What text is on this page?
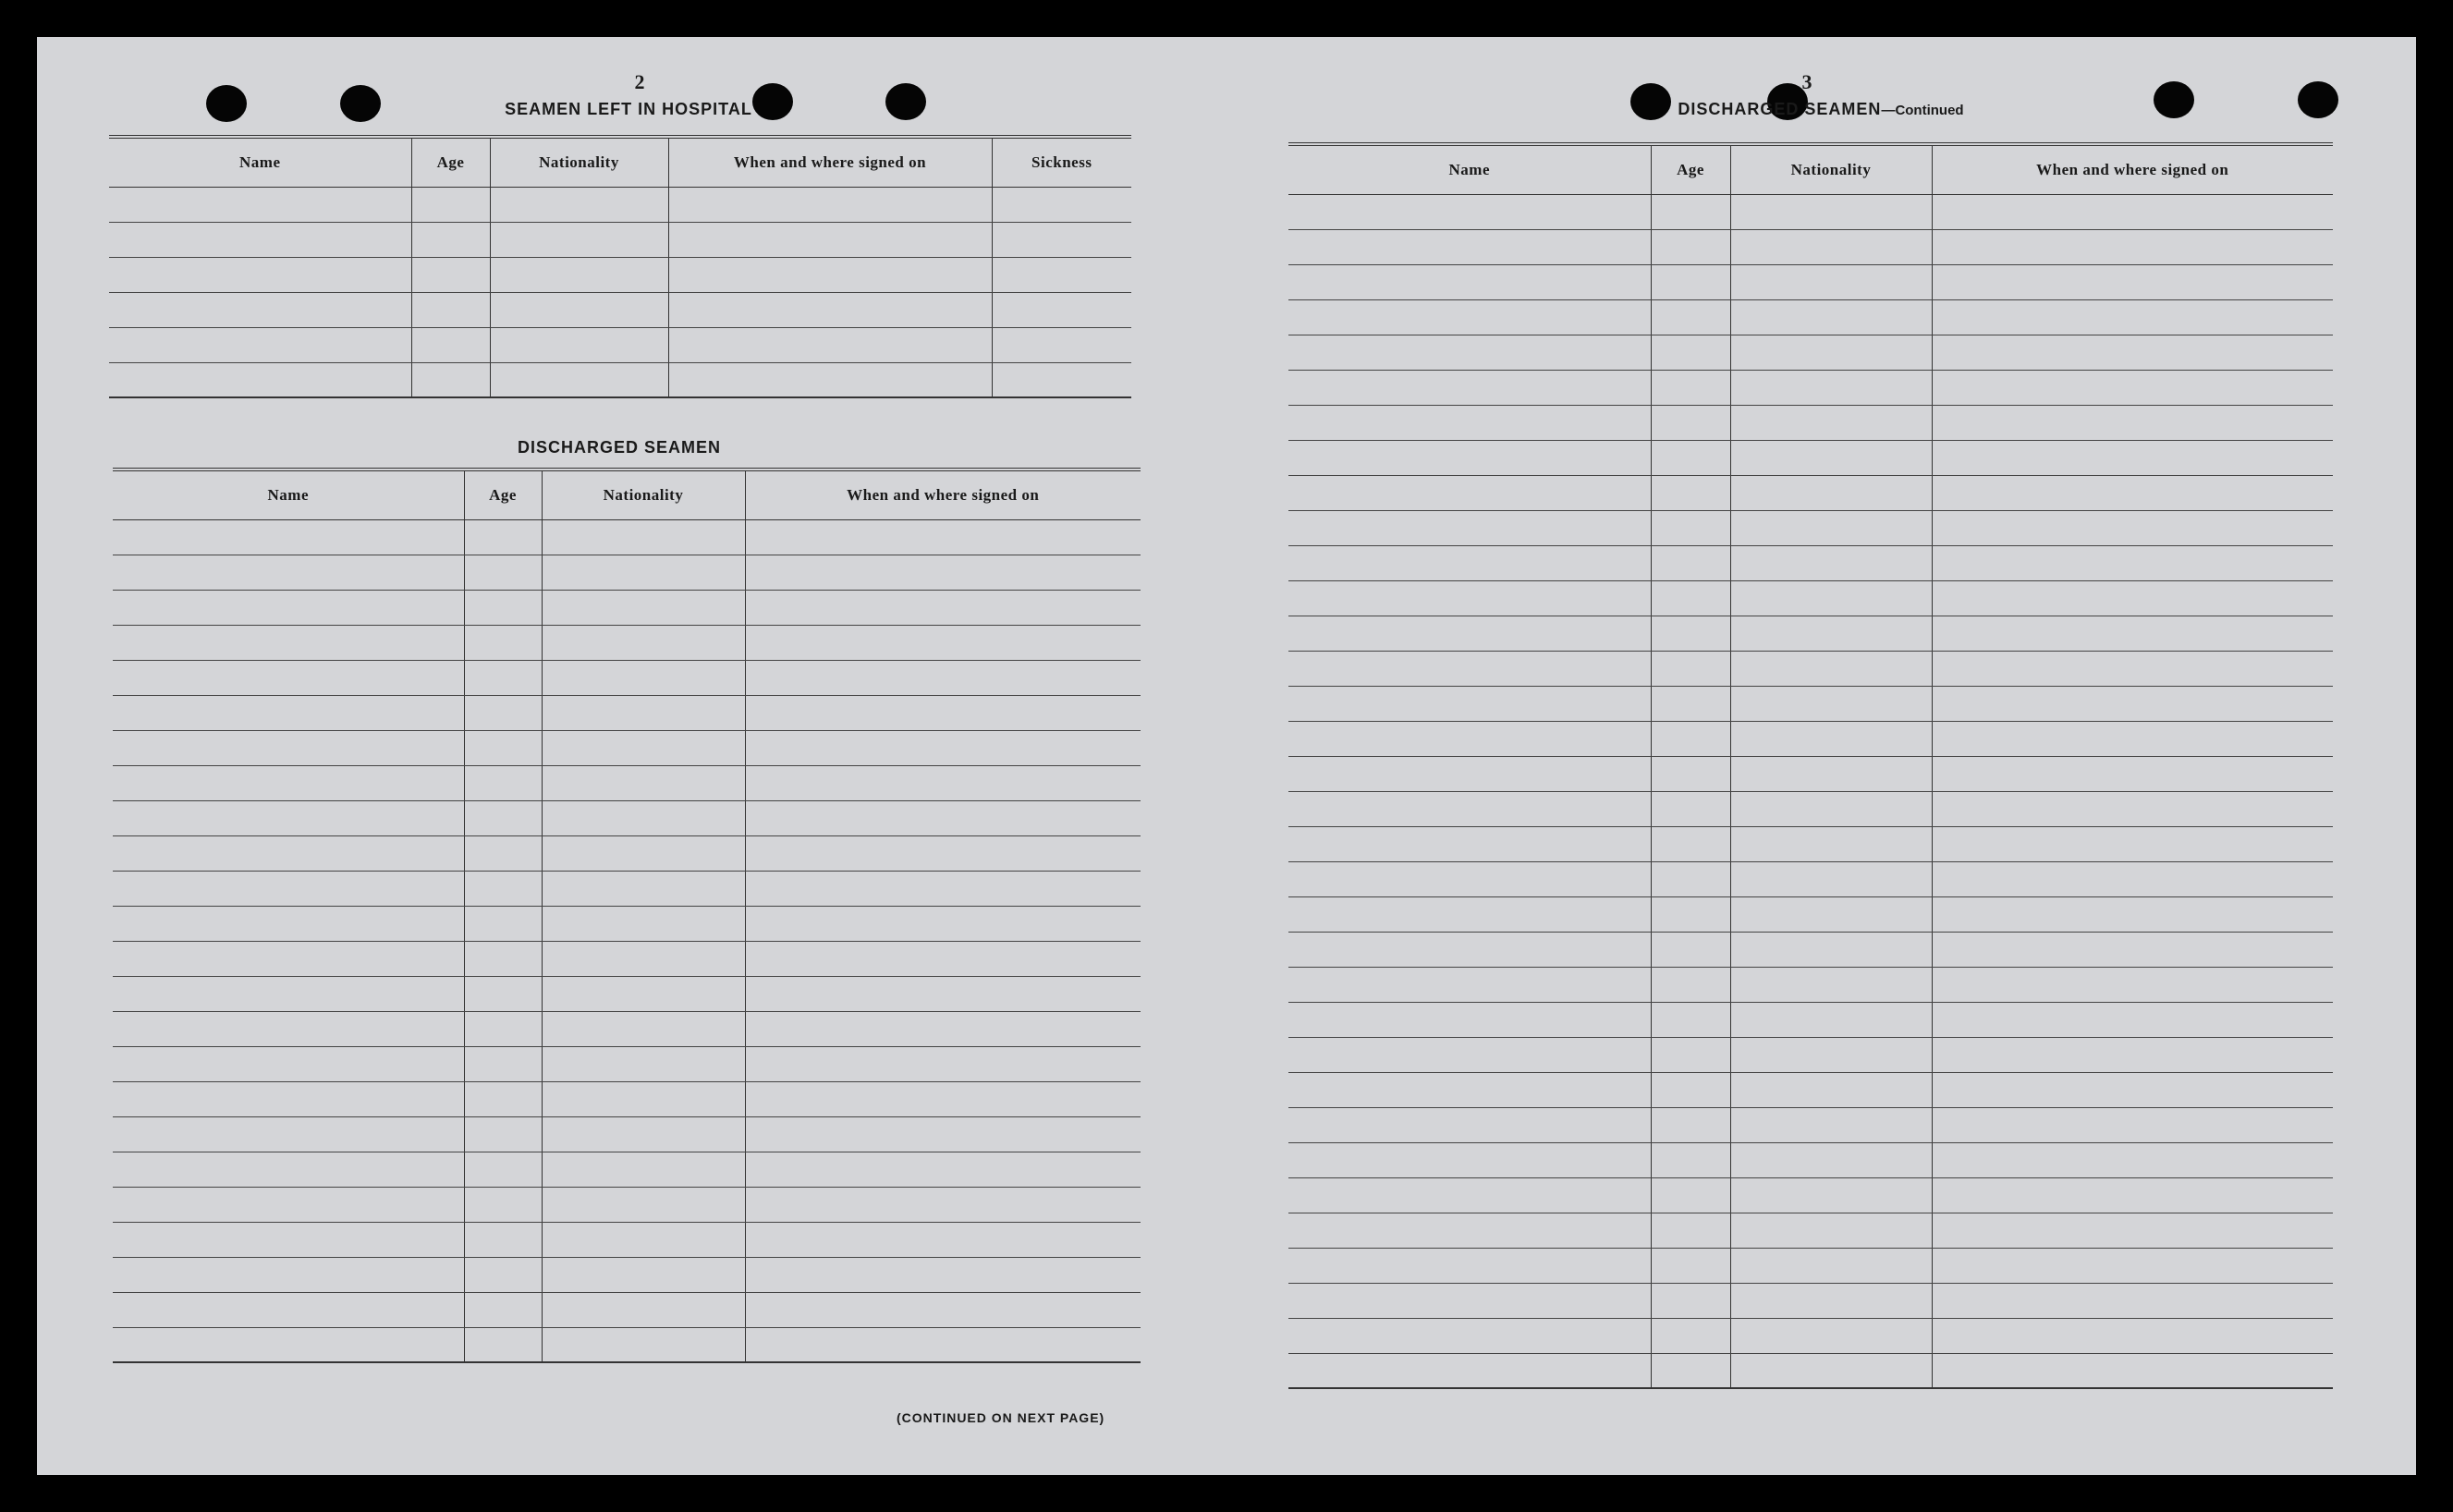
2
SEAMEN LEFT IN HOSPITAL
Name	Age	Nationality	When and where signed on	Sickness

DISCHARGED SEAMEN
Name	Age	Nationality	When and where signed on

(CONTINUED ON NEXT PAGE)
3
DISCHARGED SEAMEN—Continued
Name	Age	Nationality	When and where signed on
